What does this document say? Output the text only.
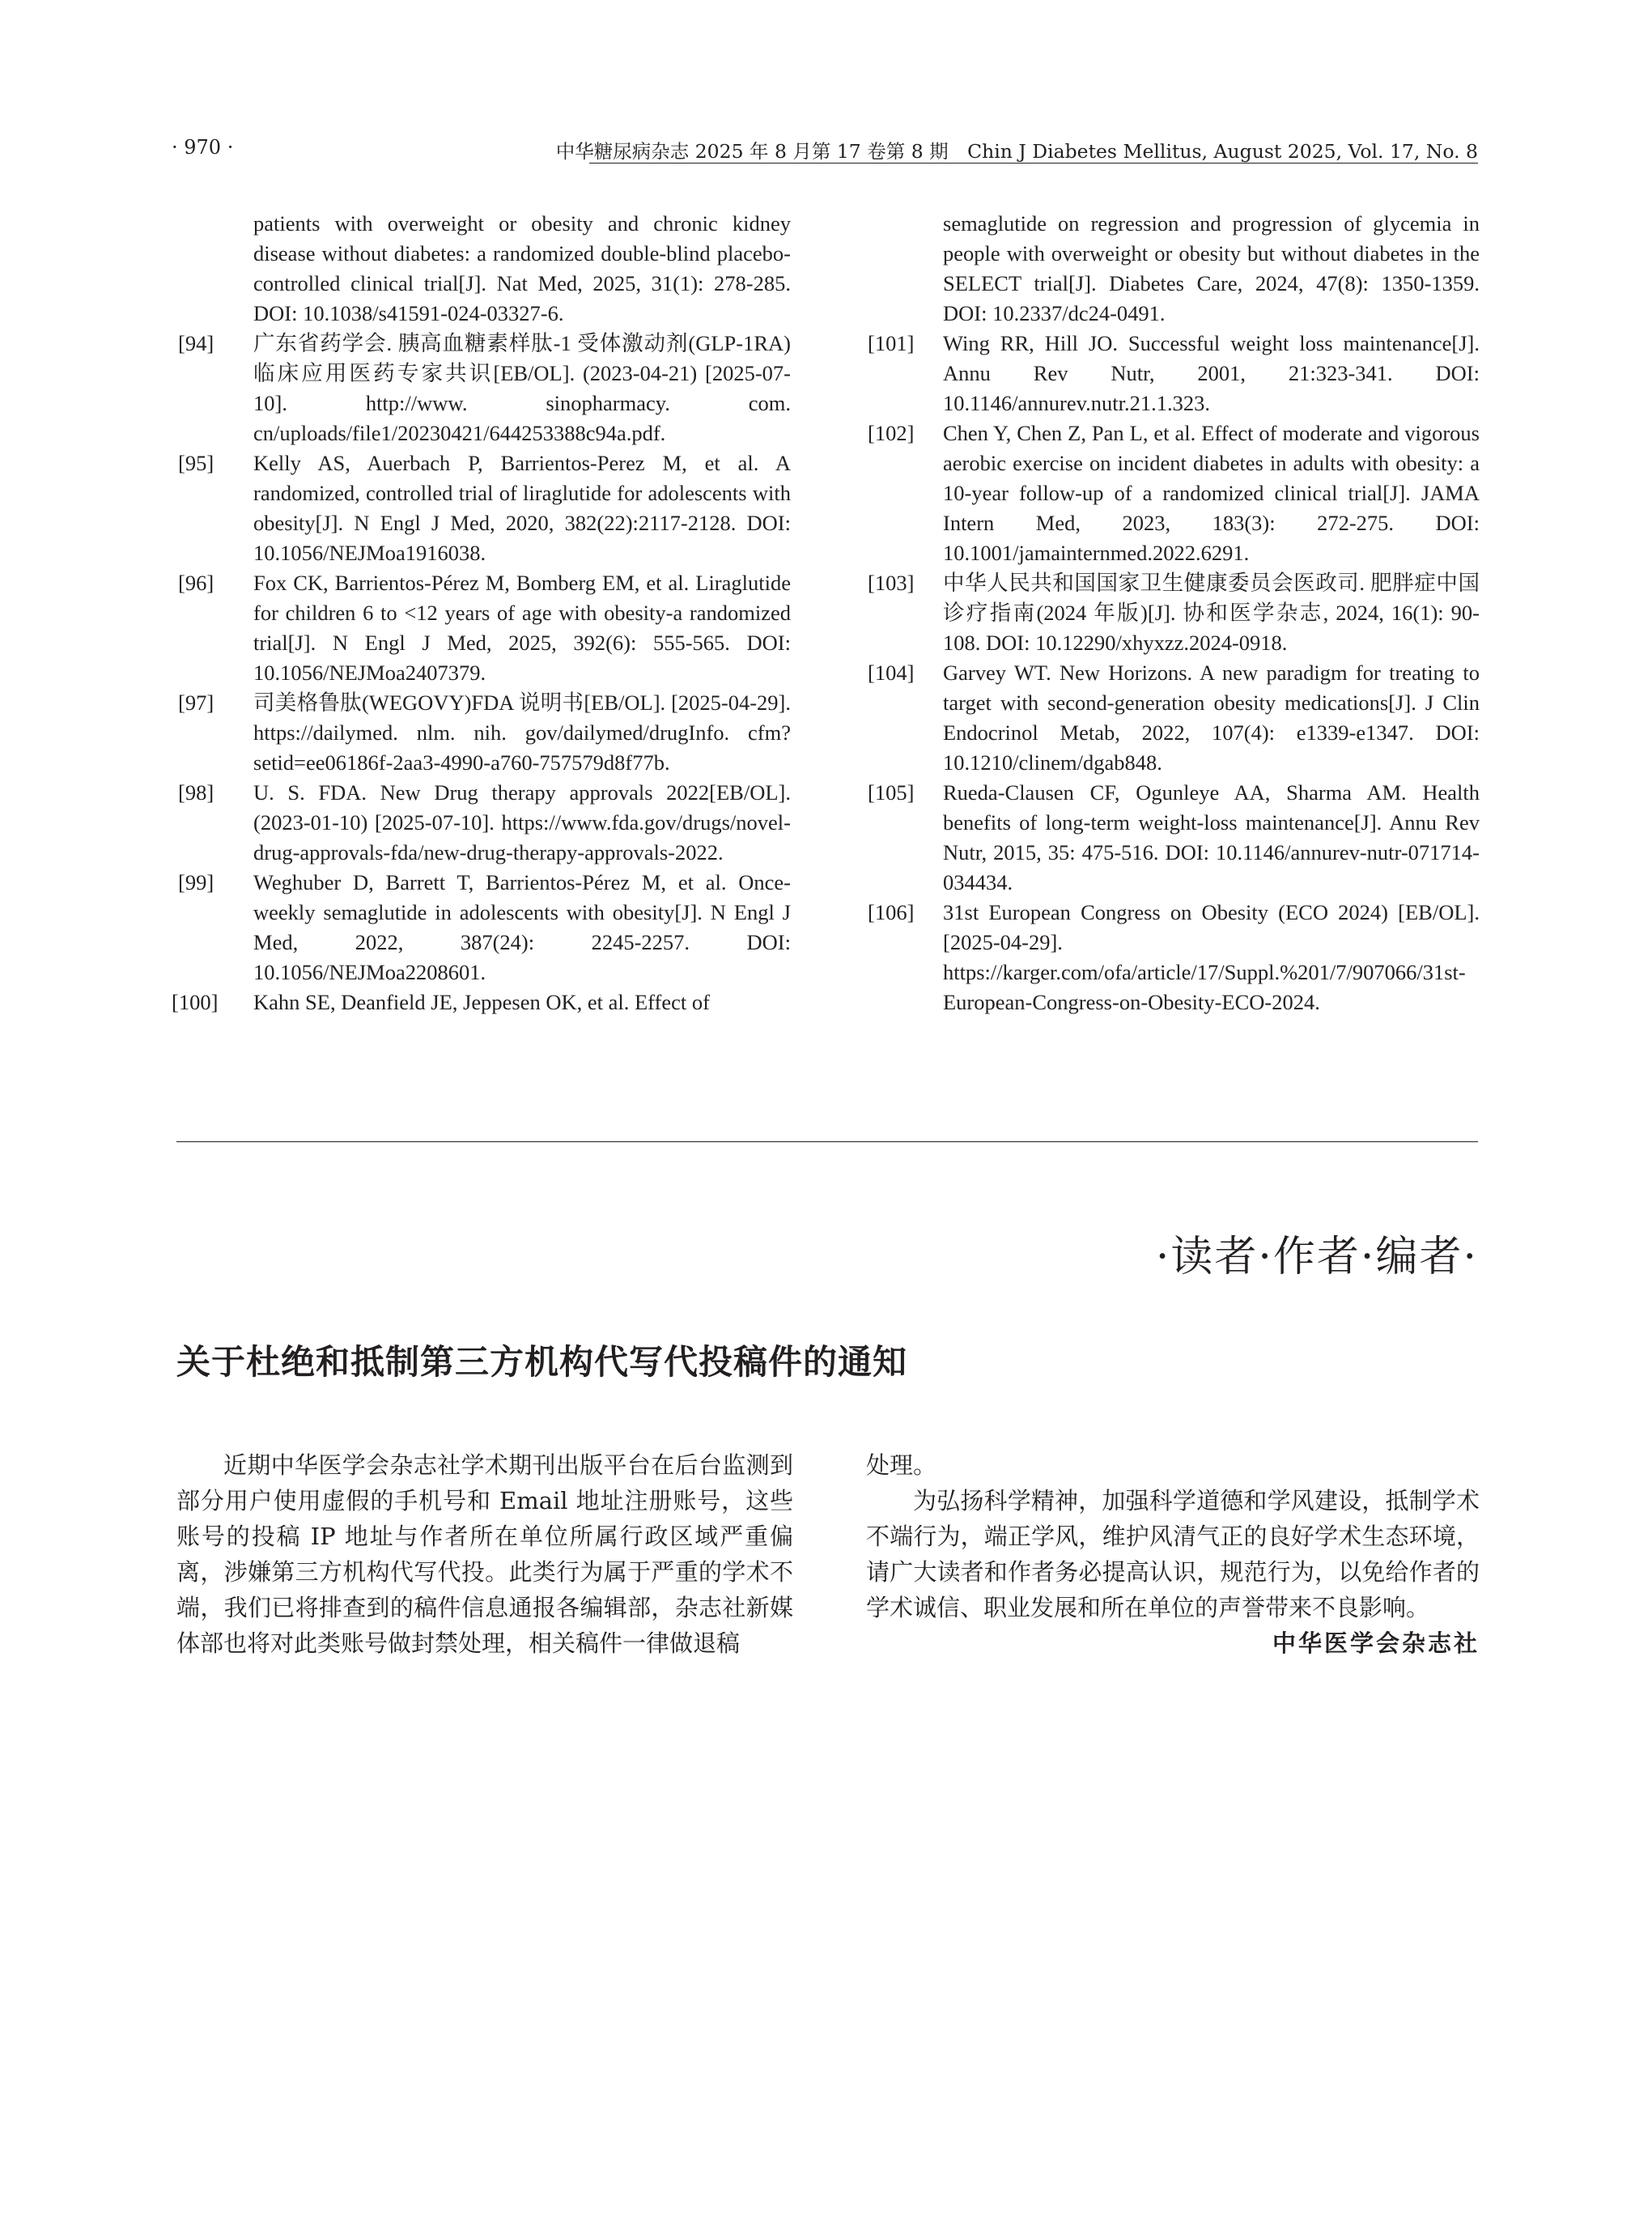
· 970 ·	中华糖尿病杂志 2025 年 8 月第 17 卷第 8 期　Chin J Diabetes Mellitus, August 2025, Vol. 17, No. 8
patients with overweight or obesity and chronic kidney disease without diabetes: a randomized double-blind placebo-controlled clinical trial[J]. Nat Med, 2025, 31(1): 278-285. DOI: 10.1038/s41591-024-03327-6.
[94] 广东省药学会. 胰高血糖素样肽-1 受体激动剂(GLP-1RA)临床应用医药专家共识[EB/OL]. (2023-04-21) [2025-07-10]. http://www. sinopharmacy. com. cn/uploads/file1/20230421/644253388c94a.pdf.
[95] Kelly AS, Auerbach P, Barrientos-Perez M, et al. A randomized, controlled trial of liraglutide for adolescents with obesity[J]. N Engl J Med, 2020, 382(22):2117-2128. DOI: 10.1056/NEJMoa1916038.
[96] Fox CK, Barrientos-Pérez M, Bomberg EM, et al. Liraglutide for children 6 to <12 years of age with obesity-a randomized trial[J]. N Engl J Med, 2025, 392(6): 555-565. DOI: 10.1056/NEJMoa2407379.
[97] 司美格鲁肽(WEGOVY)FDA 说明书[EB/OL]. [2025-04-29]. https://dailymed. nlm. nih. gov/dailymed/drugInfo. cfm?setid=ee06186f-2aa3-4990-a760-757579d8f77b.
[98] U. S. FDA. New Drug therapy approvals 2022[EB/OL]. (2023-01-10) [2025-07-10]. https://www.fda.gov/drugs/novel-drug-approvals-fda/new-drug-therapy-approvals-2022.
[99] Weghuber D, Barrett T, Barrientos-Pérez M, et al. Once-weekly semaglutide in adolescents with obesity[J]. N Engl J Med, 2022, 387(24): 2245-2257. DOI: 10.1056/NEJMoa2208601.
[100] Kahn SE, Deanfield JE, Jeppesen OK, et al. Effect of
semaglutide on regression and progression of glycemia in people with overweight or obesity but without diabetes in the SELECT trial[J]. Diabetes Care, 2024, 47(8): 1350-1359. DOI: 10.2337/dc24-0491.
[101] Wing RR, Hill JO. Successful weight loss maintenance[J]. Annu Rev Nutr, 2001, 21:323-341. DOI: 10.1146/annurev.nutr.21.1.323.
[102] Chen Y, Chen Z, Pan L, et al. Effect of moderate and vigorous aerobic exercise on incident diabetes in adults with obesity: a 10-year follow-up of a randomized clinical trial[J]. JAMA Intern Med, 2023, 183(3): 272-275. DOI: 10.1001/jamainternmed.2022.6291.
[103] 中华人民共和国国家卫生健康委员会医政司. 肥胖症中国诊疗指南(2024 年版)[J]. 协和医学杂志, 2024, 16(1): 90-108. DOI: 10.12290/xhyxzz.2024-0918.
[104] Garvey WT. New Horizons. A new paradigm for treating to target with second-generation obesity medications[J]. J Clin Endocrinol Metab, 2022, 107(4): e1339-e1347. DOI: 10.1210/clinem/dgab848.
[105] Rueda-Clausen CF, Ogunleye AA, Sharma AM. Health benefits of long-term weight-loss maintenance[J]. Annu Rev Nutr, 2015, 35: 475-516. DOI: 10.1146/annurev-nutr-071714-034434.
[106] 31st European Congress on Obesity (ECO 2024) [EB/OL]. [2025-04-29]. https://karger.com/ofa/article/17/Suppl.%201/7/907066/31st-European-Congress-on-Obesity-ECO-2024.
·读者·作者·编者·
关于杜绝和抵制第三方机构代写代投稿件的通知

近期中华医学会杂志社学术期刊出版平台在后台监测到部分用户使用虚假的手机号和 Email 地址注册账号，这些账号的投稿 IP 地址与作者所在单位所属行政区域严重偏离，涉嫌第三方机构代写代投。此类行为属于严重的学术不端，我们已将排查到的稿件信息通报各编辑部，杂志社新媒体部也将对此类账号做封禁处理，相关稿件一律做退稿

处理。

为弘扬科学精神，加强科学道德和学风建设，抵制学术不端行为，端正学风，维护风清气正的良好学术生态环境，请广大读者和作者务必提高认识，规范行为，以免给作者的学术诚信、职业发展和所在单位的声誉带来不良影响。

中华医学会杂志社
